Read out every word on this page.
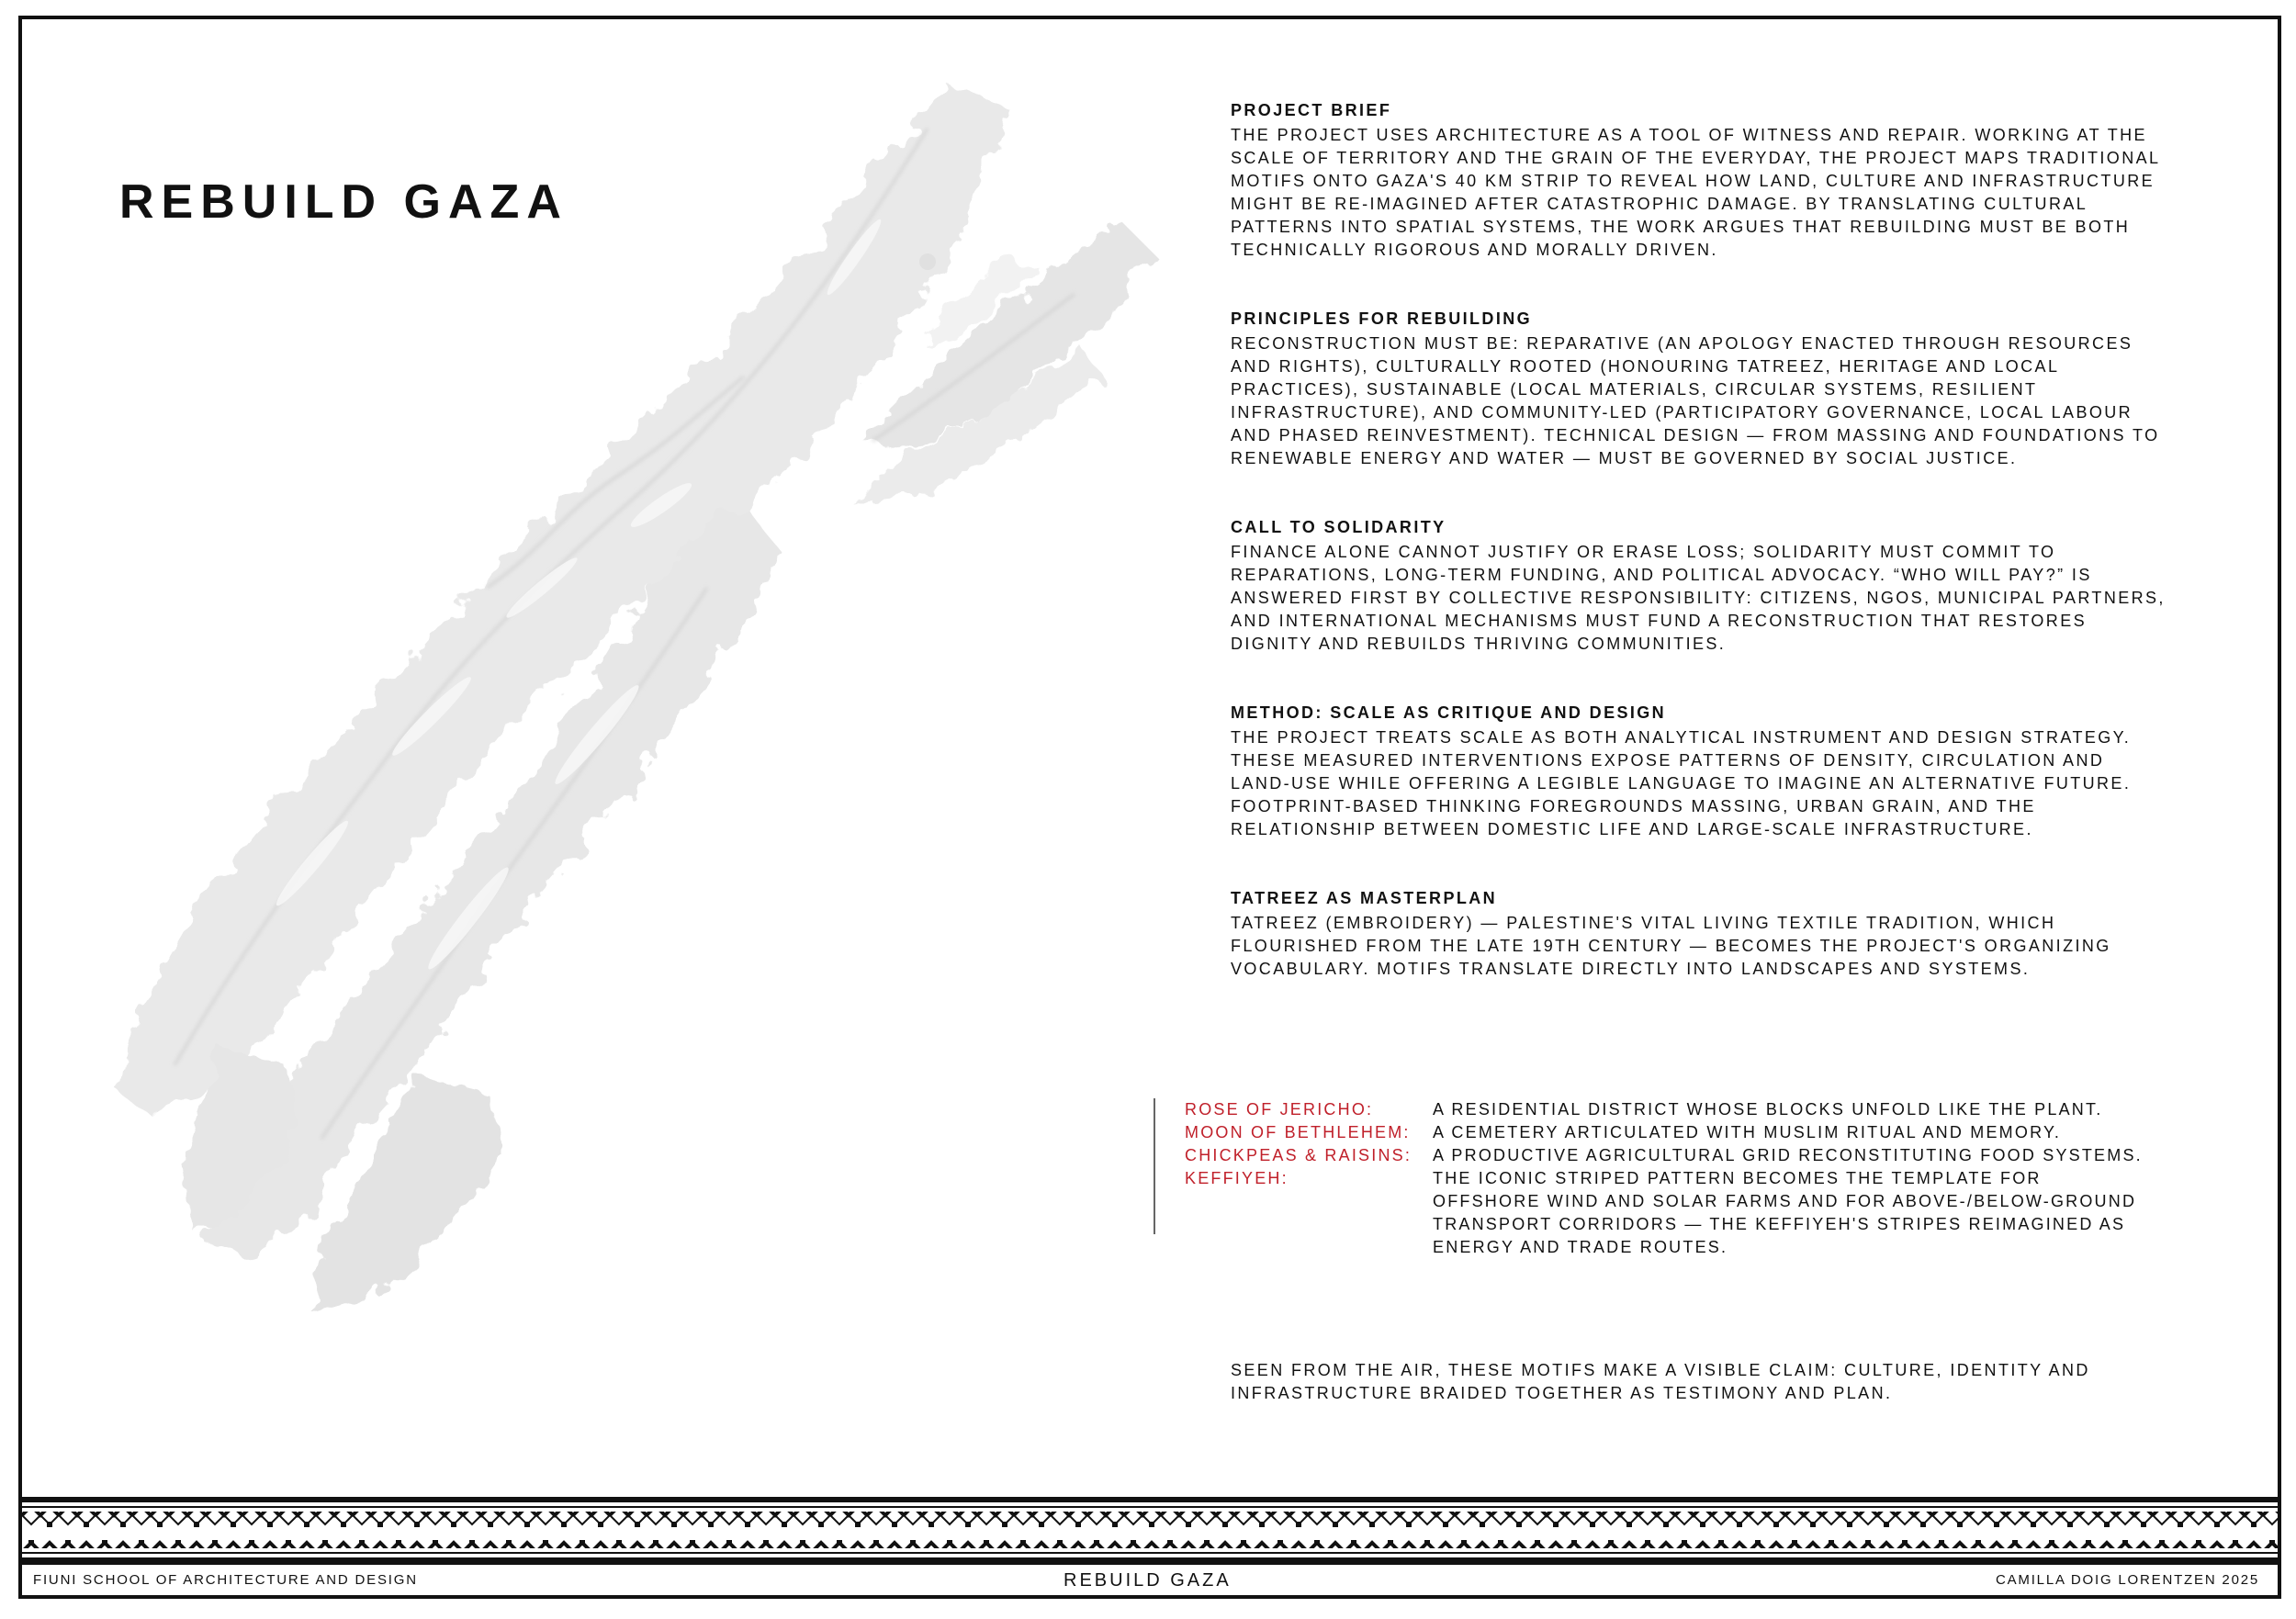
REBUILD GAZA
PROJECT BRIEF

THE PROJECT USES ARCHITECTURE AS A TOOL OF WITNESS AND REPAIR. WORKING AT THE SCALE OF TERRITORY AND THE GRAIN OF THE EVERYDAY, THE PROJECT MAPS TRADITIONAL MOTIFS ONTO GAZA'S 40 KM STRIP TO REVEAL HOW LAND, CULTURE AND INFRASTRUCTURE MIGHT BE RE-IMAGINED AFTER CATASTROPHIC DAMAGE. BY TRANSLATING CULTURAL PATTERNS INTO SPATIAL SYSTEMS, THE WORK ARGUES THAT REBUILDING MUST BE BOTH TECHNICALLY RIGOROUS AND MORALLY DRIVEN.

PRINCIPLES FOR REBUILDING

RECONSTRUCTION MUST BE: REPARATIVE (AN APOLOGY ENACTED THROUGH RESOURCES AND RIGHTS), CULTURALLY ROOTED (HONOURING TATREEZ, HERITAGE AND LOCAL PRACTICES), SUSTAINABLE (LOCAL MATERIALS, CIRCULAR SYSTEMS, RESILIENT INFRASTRUCTURE), AND COMMUNITY-LED (PARTICIPATORY GOVERNANCE, LOCAL LABOUR AND PHASED REINVESTMENT). TECHNICAL DESIGN — FROM MASSING AND FOUNDATIONS TO RENEWABLE ENERGY AND WATER — MUST BE GOVERNED BY SOCIAL JUSTICE.

CALL TO SOLIDARITY

FINANCE ALONE CANNOT JUSTIFY OR ERASE LOSS; SOLIDARITY MUST COMMIT TO REPARATIONS, LONG-TERM FUNDING, AND POLITICAL ADVOCACY. “WHO WILL PAY?” IS ANSWERED FIRST BY COLLECTIVE RESPONSIBILITY: CITIZENS, NGOS, MUNICIPAL PARTNERS, AND INTERNATIONAL MECHANISMS MUST FUND A RECONSTRUCTION THAT RESTORES DIGNITY AND REBUILDS THRIVING COMMUNITIES.

METHOD: SCALE AS CRITIQUE AND DESIGN

THE PROJECT TREATS SCALE AS BOTH ANALYTICAL INSTRUMENT AND DESIGN STRATEGY. THESE MEASURED INTERVENTIONS EXPOSE PATTERNS OF DENSITY, CIRCULATION AND LAND-USE WHILE OFFERING A LEGIBLE LANGUAGE TO IMAGINE AN ALTERNATIVE FUTURE. FOOTPRINT-BASED THINKING FOREGROUNDS MASSING, URBAN GRAIN, AND THE RELATIONSHIP BETWEEN DOMESTIC LIFE AND LARGE-SCALE INFRASTRUCTURE.

TATREEZ AS MASTERPLAN

TATREEZ (EMBROIDERY) — PALESTINE'S VITAL LIVING TEXTILE TRADITION, WHICH FLOURISHED FROM THE LATE 19TH CENTURY — BECOMES THE PROJECT'S ORGANIZING VOCABULARY. MOTIFS TRANSLATE DIRECTLY INTO LANDSCAPES AND SYSTEMS.

ROSE OF JERICHO:	A RESIDENTIAL DISTRICT WHOSE BLOCKS UNFOLD LIKE THE PLANT.
MOON OF BETHLEHEM:	A CEMETERY ARTICULATED WITH MUSLIM RITUAL AND MEMORY.
CHICKPEAS & RAISINS:	A PRODUCTIVE AGRICULTURAL GRID RECONSTITUTING FOOD SYSTEMS.
KEFFIYEH:	THE ICONIC STRIPED PATTERN BECOMES THE TEMPLATE FOR OFFSHORE WIND AND SOLAR FARMS AND FOR ABOVE-/BELOW-GROUND TRANSPORT CORRIDORS — THE KEFFIYEH'S STRIPES REIMAGINED AS ENERGY AND TRADE ROUTES.

SEEN FROM THE AIR, THESE MOTIFS MAKE A VISIBLE CLAIM: CULTURE, IDENTITY AND INFRASTRUCTURE BRAIDED TOGETHER AS TESTIMONY AND PLAN.

FIUNI SCHOOL OF ARCHITECTURE AND DESIGN	REBUILD GAZA	CAMILLA DOIG LORENTZEN 2025
